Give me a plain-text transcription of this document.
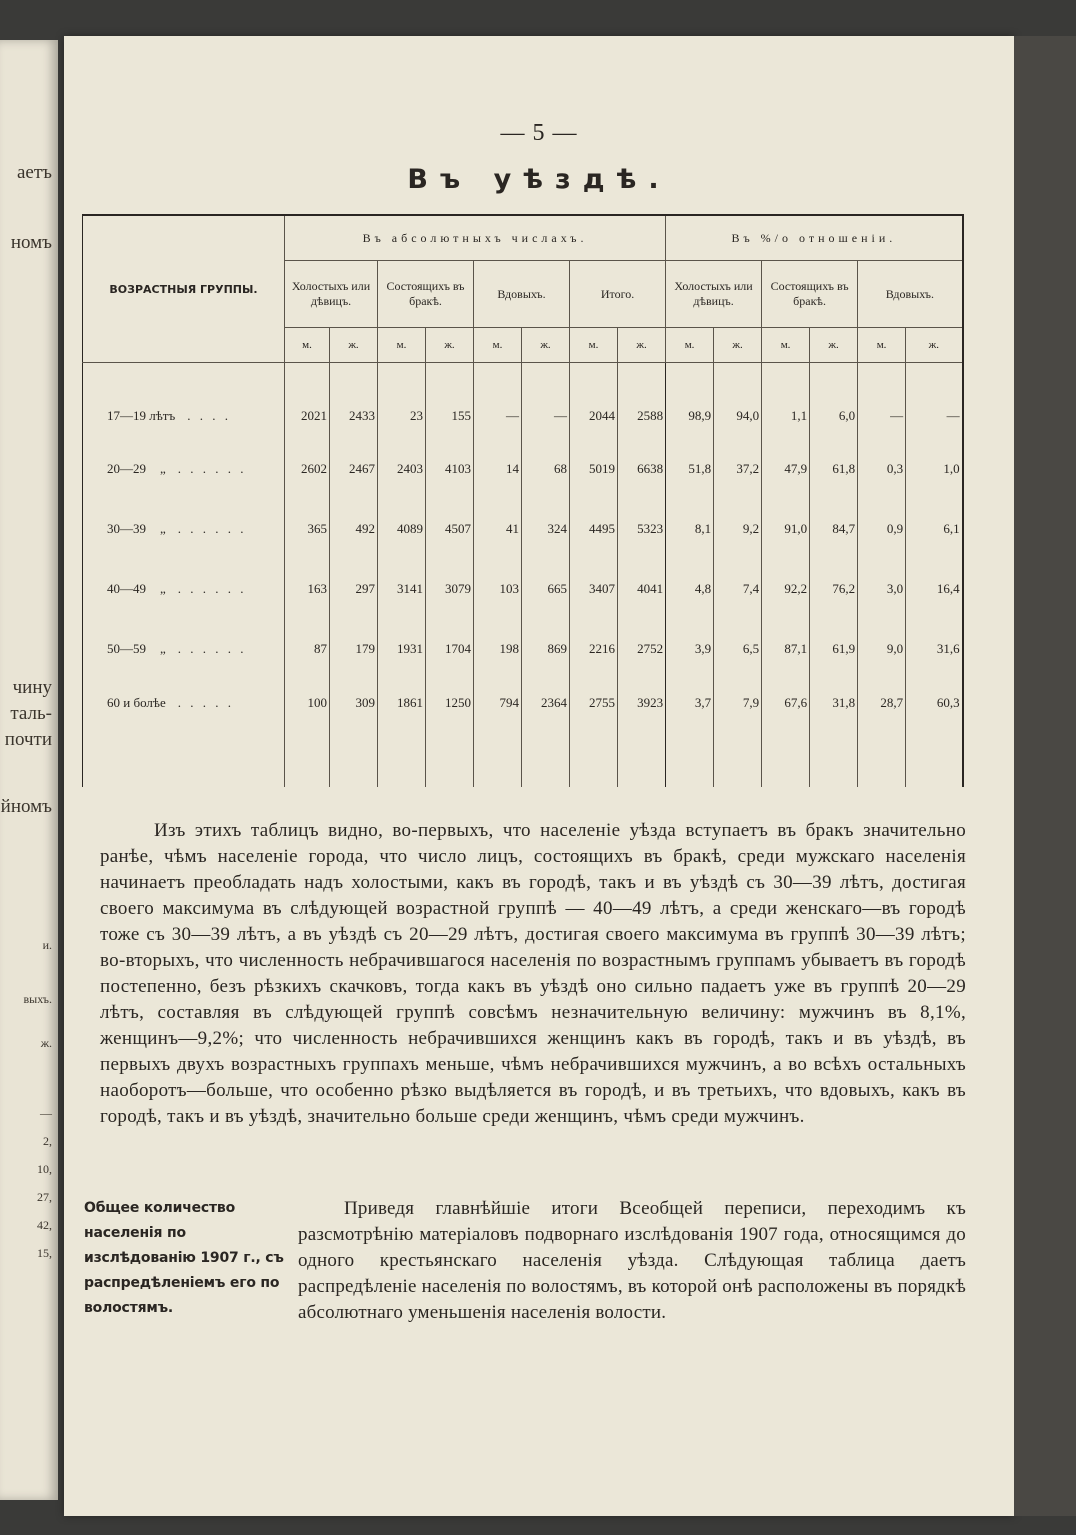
аетъ
номъ
чину
таль-
почти
йномъ
и.
выхъ.
ж.
—
2,
10,
27,
42,
15,
— 5 —
Въ уѣздѣ.
ВОЗРАСТНЫЯ ГРУППЫ.	Въ абсолютныхъ числахъ.								Въ %/о отношеніи.					
	Холостыхъ или дѣвицъ.		Состоящихъ въ бракѣ.		Вдовыхъ.		Итого.		Холостыхъ или дѣвицъ.		Состоящихъ въ бракѣ.		Вдовыхъ.	
	м.	ж.	м.	ж.	м.	ж.	м.	ж.	м.	ж.	м.	ж.	м.	ж.
17—19 лѣтъ . . . .	2021	2433	23	155	—	—	2044	2588	98,9	94,0	1,1	6,0	—	—
20—29 „ . . . . . .	2602	2467	2403	4103	14	68	5019	6638	51,8	37,2	47,9	61,8	0,3	1,0
30—39 „ . . . . . .	365	492	4089	4507	41	324	4495	5323	8,1	9,2	91,0	84,7	0,9	6,1
40—49 „ . . . . . .	163	297	3141	3079	103	665	3407	4041	4,8	7,4	92,2	76,2	3,0	16,4
50—59 „ . . . . . .	87	179	1931	1704	198	869	2216	2752	3,9	6,5	87,1	61,9	9,0	31,6
60 и болѣе . . . . .	100	309	1861	1250	794	2364	2755	3923	3,7	7,9	67,6	31,8	28,7	60,3
Изъ этихъ таблицъ видно, во-первыхъ, что населеніе уѣзда вступаетъ въ бракъ значительно ранѣе, чѣмъ населеніе города, что число лицъ, состоящихъ въ бракѣ, среди мужскаго населенія начинаетъ преобладать надъ холостыми, какъ въ городѣ, такъ и въ уѣздѣ съ 30—39 лѣтъ, достигая своего максимума въ слѣдующей возрастной группѣ — 40—49 лѣтъ, а среди женскаго—въ городѣ тоже съ 30—39 лѣтъ, а въ уѣздѣ съ 20—29 лѣтъ, достигая своего максимума въ группѣ 30—39 лѣтъ; во-вторыхъ, что численность небрачившагося населенія по возрастнымъ группамъ убываетъ въ городѣ постепенно, безъ рѣзкихъ скачковъ, тогда какъ въ уѣздѣ оно сильно падаетъ уже въ группѣ 20—29 лѣтъ, составляя въ слѣдующей группѣ совсѣмъ незначительную величину: мужчинъ въ 8,1%, женщинъ—9,2%; что численность небрачившихся женщинъ какъ въ городѣ, такъ и въ уѣздѣ, въ первыхъ двухъ возрастныхъ группахъ меньше, чѣмъ небрачившихся мужчинъ, а во всѣхъ остальныхъ наоборотъ—больше, что особенно рѣзко выдѣляется въ городѣ, и въ третьихъ, что вдовыхъ, какъ въ городѣ, такъ и въ уѣздѣ, значительно больше среди женщинъ, чѣмъ среди мужчинъ.
Общее количество населенія по изслѣдованію 1907 г., съ распредѣленіемъ его по волостямъ.
Приведя главнѣйшіе итоги Всеобщей переписи, переходимъ къ разсмотрѣнію матеріаловъ подворнаго изслѣдованія 1907 года, относящимся до одного крестьянскаго населенія уѣзда. Слѣдующая таблица даетъ распредѣленіе населенія по волостямъ, въ которой онѣ расположены въ порядкѣ абсолютнаго уменьшенія населенія волости.
